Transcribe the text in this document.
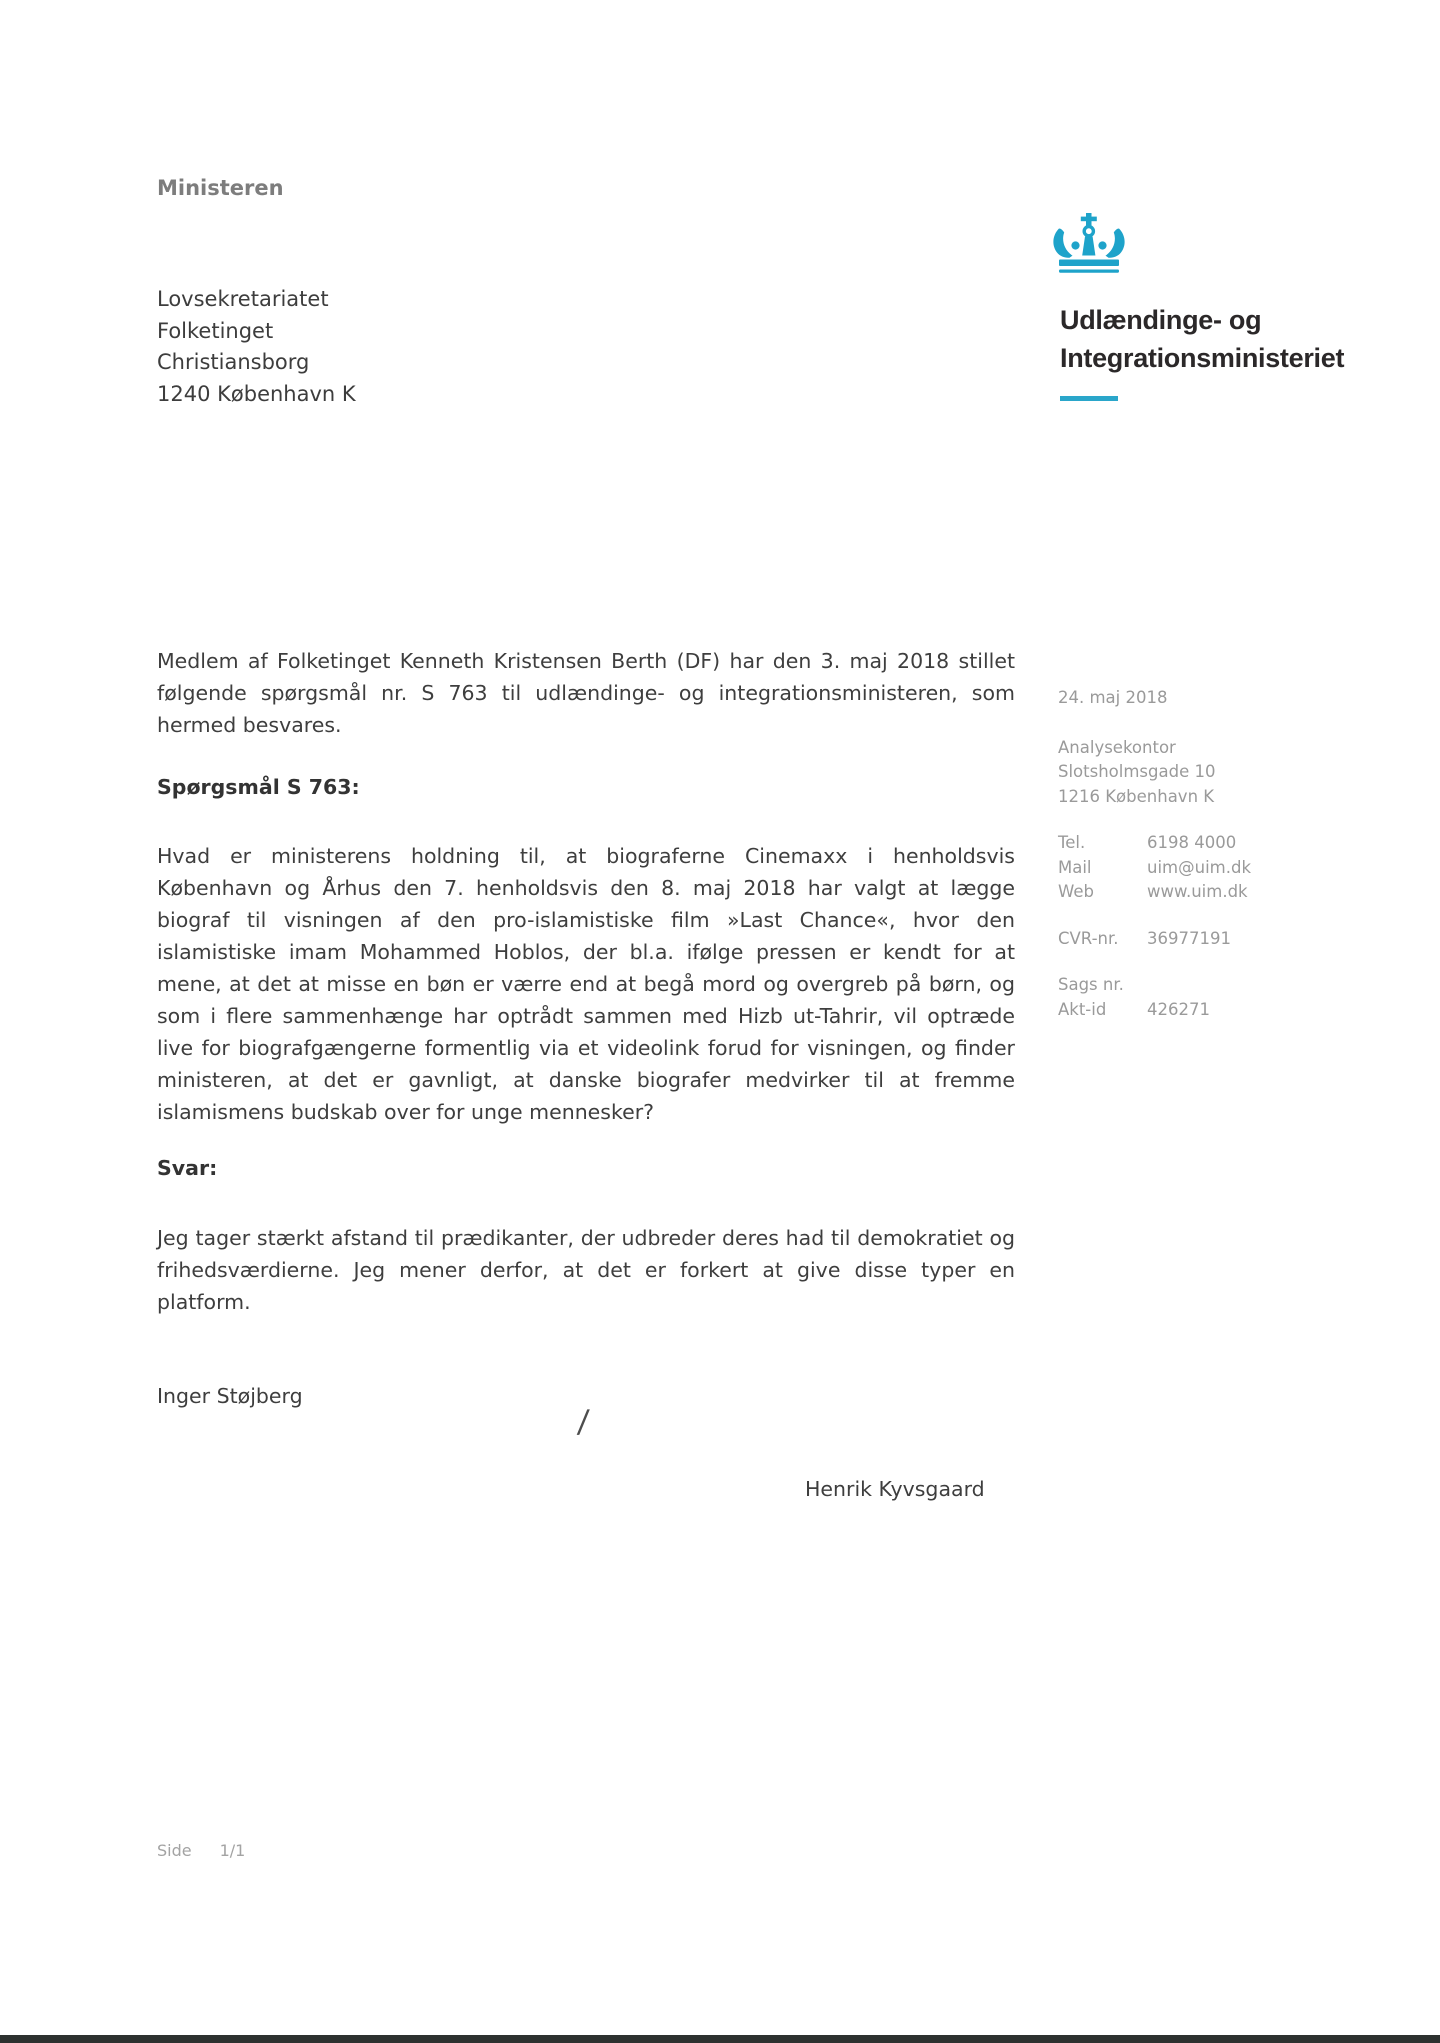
Ministeren
Lovsekretariatet
Folketinget
Christiansborg
1240 København K
Medlem af Folketinget Kenneth Kristensen Berth (DF) har den 3. maj 2018 stillet følgende spørgsmål nr. S 763 til udlændinge- og integrationsministeren, som hermed besvares.
Spørgsmål S 763:
Hvad er ministerens holdning til, at biograferne Cinemaxx i henholdsvis København og Århus den 7. henholdsvis den 8. maj 2018 har valgt at lægge biograf til visningen af den pro-islamistiske film »Last Chance«, hvor den islamistiske imam Mohammed Hoblos, der bl.a. ifølge pressen er kendt for at mene, at det at misse en bøn er værre end at begå mord og overgreb på børn, og som i flere sammenhænge har optrådt sammen med Hizb ut-Tahrir, vil optræde live for biografgængerne formentlig via et videolink forud for visningen, og finder ministeren, at det er gavnligt, at danske biografer medvirker til at fremme islamismens budskab over for unge mennesker?
Svar:
Jeg tager stærkt afstand til prædikanter, der udbreder deres had til demokratiet og frihedsværdierne. Jeg mener derfor, at det er forkert at give disse typer en platform.
Inger Støjberg
/
Henrik Kyvsgaard
Side 1/1
Udlændinge- og
Integrationsministeriet
24. maj 2018
Analysekontor
Slotsholmsgade 10
1216 København K
Tel.	6198 4000
Mail	uim@uim.dk
Web	www.uim.dk
CVR-nr.	36977191
Sags nr.
Akt-id	426271
